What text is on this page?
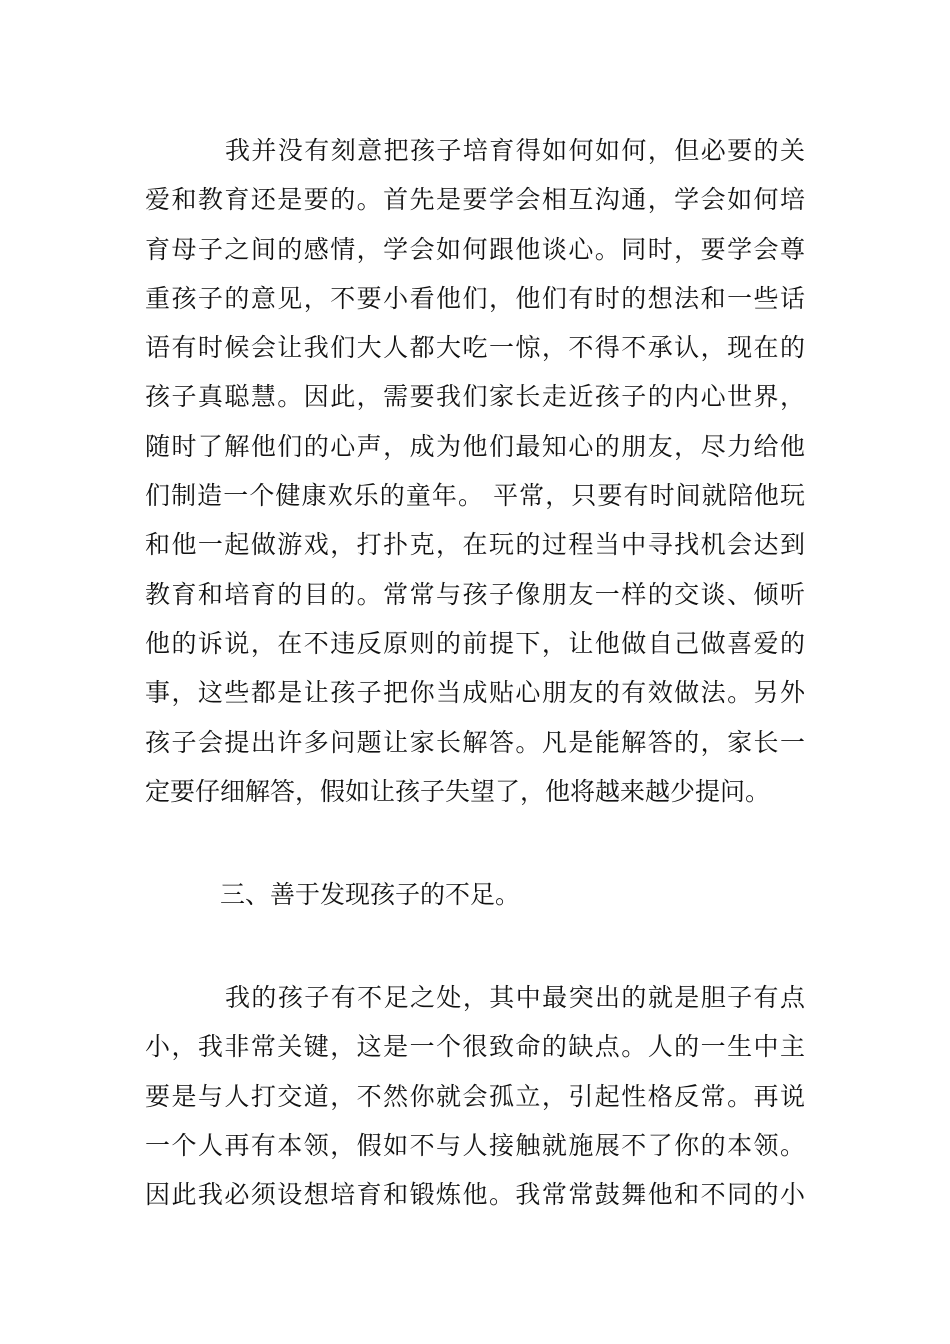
我并没有刻意把孩子培育得如何如何，但必要的关
爱和教育还是要的。首先是要学会相互沟通，学会如何培
育母子之间的感情，学会如何跟他谈心。同时，要学会尊
重孩子的意见，不要小看他们，他们有时的想法和一些话
语有时候会让我们大人都大吃一惊，不得不承认，现在的
孩子真聪慧。因此，需要我们家长走近孩子的内心世界，
随时了解他们的心声，成为他们最知心的朋友，尽力给他
们制造一个健康欢乐的童年。 平常，只要有时间就陪他玩
和他一起做游戏，打扑克，在玩的过程当中寻找机会达到
教育和培育的目的。常常与孩子像朋友一样的交谈、倾听
他的诉说，在不违反原则的前提下，让他做自己做喜爱的
事，这些都是让孩子把你当成贴心朋友的有效做法。另外
孩子会提出许多问题让家长解答。凡是能解答的，家长一
定要仔细解答，假如让孩子失望了，他将越来越少提问。
三、善于发现孩子的不足。
我的孩子有不足之处，其中最突出的就是胆子有点
小，我非常关键，这是一个很致命的缺点。人的一生中主
要是与人打交道，不然你就会孤立，引起性格反常。再说
一个人再有本领，假如不与人接触就施展不了你的本领。
因此我必须设想培育和锻炼他。我常常鼓舞他和不同的小
